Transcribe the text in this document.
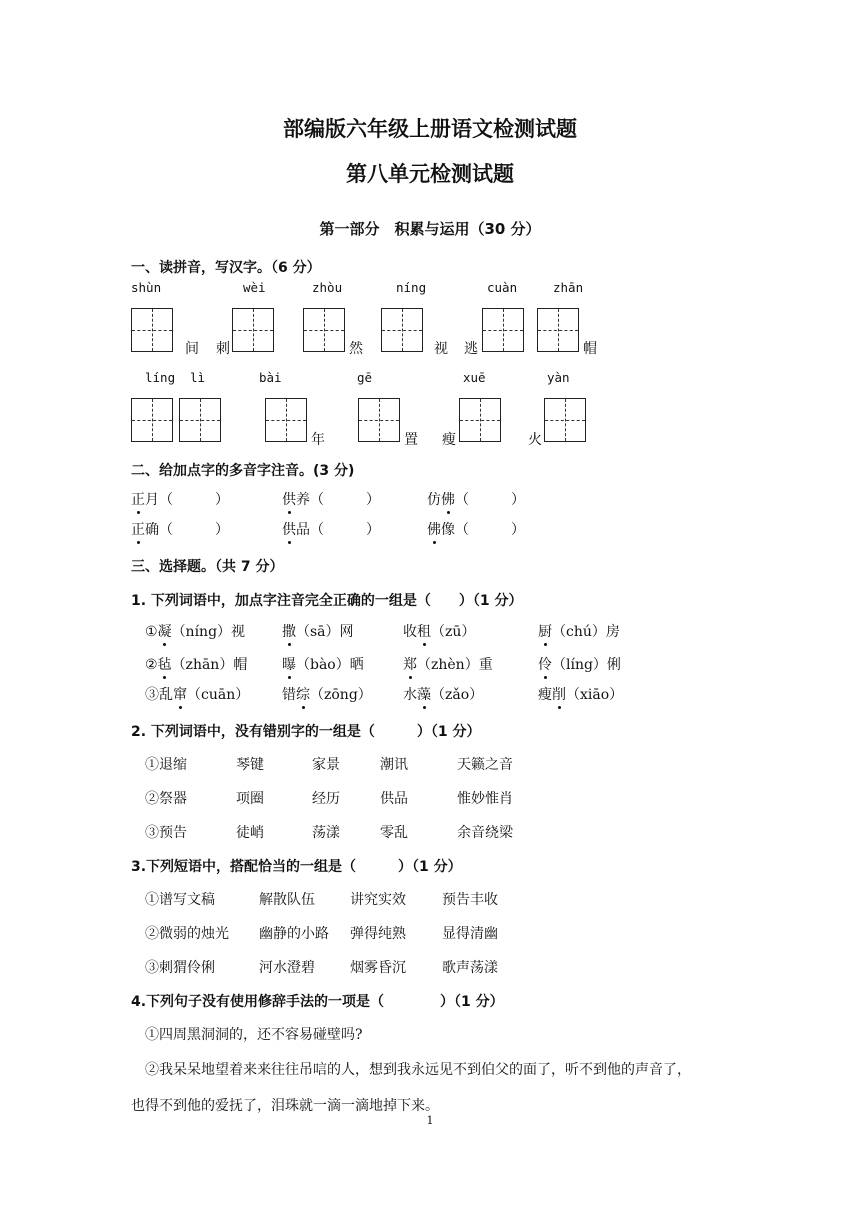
部编版六年级上册语文检测试题
第八单元检测试题
第一部分　积累与运用（30 分）
一、读拼音，写汉字。（6 分）
shùn	wèi	zhòu	níng	cuàn	zhān
间 刺	然	视 逃	帽
líng lì	bài	gē	xuē	yàn
年	置 瘦	火
二、给加点字的多音字注音。(3 分)
正月（　　　）	供养（　　　）	仿佛（　　　）
正确（　　　）	供品（　　　）	佛像（　　　）
三、选择题。（共 7 分）
1. 下列词语中，加点字注音完全正确的一组是（　　）（1 分）
①凝（níng）视	撒（sā）网	收租（zū）	厨（chú）房
②毡（zhān）帽 曝（bào）晒	郑（zhèn）重	伶（líng）俐
③乱窜（cuān） 错综（zōng） 水藻（zǎo）	瘦削（xiāo）
2. 下列词语中，没有错别字的一组是（　　　）（1 分）
①退缩	琴键	家景	潮讯	天籁之音
②祭器	项圈	经历	供品	惟妙惟肖
③预告	徒峭	荡漾	零乱	余音绕梁
3.下列短语中，搭配恰当的一组是（　　　）（1 分）
①谱写文稿	解散队伍	讲究实效	预告丰收
②微弱的烛光 幽静的小路 弹得纯熟	显得清幽
③刺猬伶俐	河水澄碧	烟雾昏沉	歌声荡漾
4.下列句子没有使用修辞手法的一项是（　　　　）（1 分）
①四周黑洞洞的，还不容易碰壁吗?
②我呆呆地望着来来往往吊唁的人，想到我永远见不到伯父的面了，听不到他的声音了，
也得不到他的爱抚了，泪珠就一滴一滴地掉下来。
1
